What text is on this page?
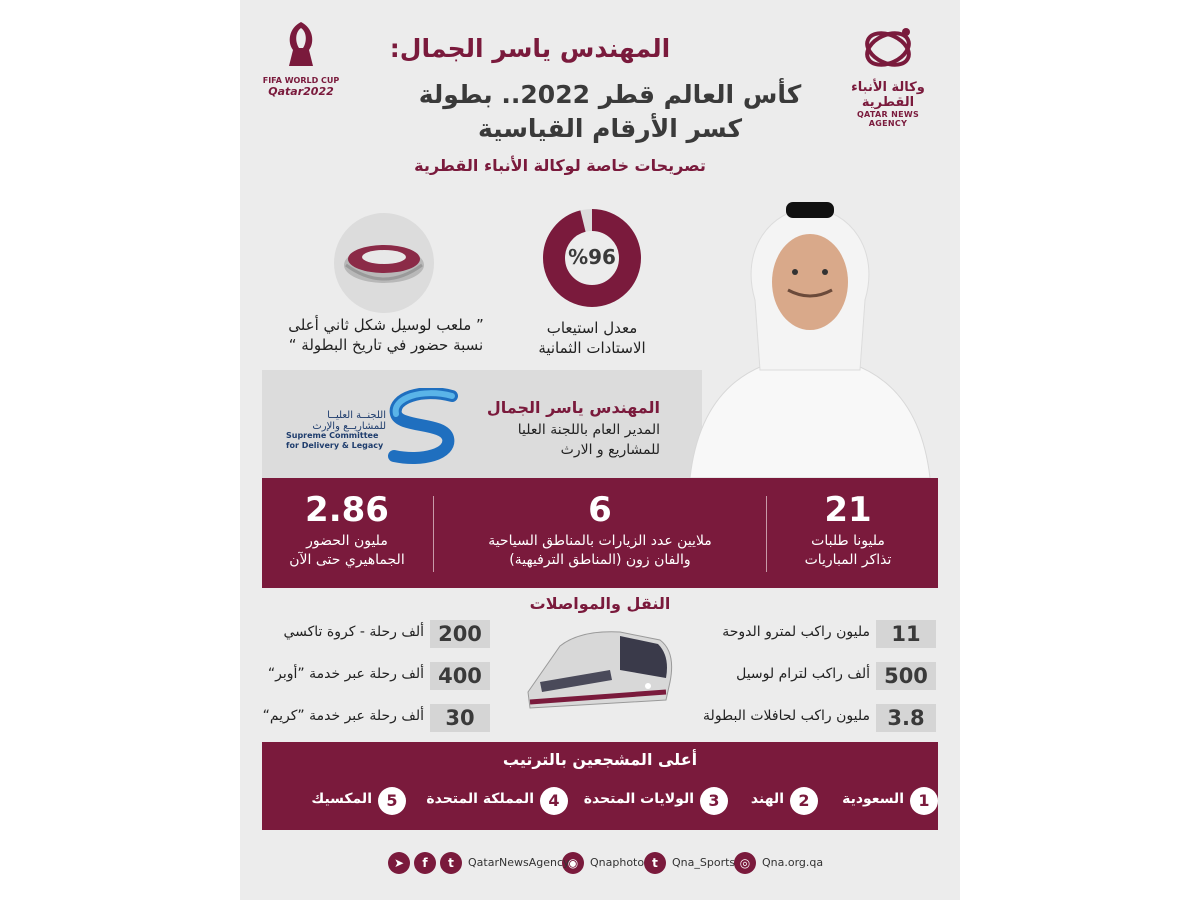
وكالة الأنباء القطرية
QATAR NEWS AGENCY
FIFA WORLD CUP
Qatar2022
المهندس ياسر الجمال:
كأس العالم قطر 2022.. بطولة كسر الأرقام القياسية
تصريحات خاصة لوكالة الأنباء القطرية
%96
معدل استيعاب
الاستادات الثمانية
” ملعب لوسيل شكل ثاني أعلى
نسبة حضور في تاريخ البطولة “
اللجنــة العليــا
للمشاريــع والإرث
Supreme Committee
for Delivery & Legacy
المهندس ياسر الجمال
المدير العام باللجنة العليا
للمشاريع و الارث
21
مليونا طلبات
تذاكر المباريات
6
ملايين عدد الزيارات بالمناطق السياحية
والفان زون (المناطق الترفيهية)
2.86
مليون الحضور
الجماهيري حتى الآن
النقل والمواصلات
11
مليون راكب لمترو الدوحة
500
ألف راكب لترام لوسيل
3.8
مليون راكب لحافلات البطولة
200
ألف رحلة - كروة تاكسي
400
ألف رحلة عبر خدمة ”أوبر“
30
ألف رحلة عبر خدمة ”كريم“
أعلى المشجعين بالترتيب
1
السعودية
2
الهند
3
الولايات المتحدة
4
المملكة المتحدة
5
المكسيك
◎	Qna.org.qa
t	Qna_Sports
◉	Qnaphoto
➤	f	t	QatarNewsAgency
